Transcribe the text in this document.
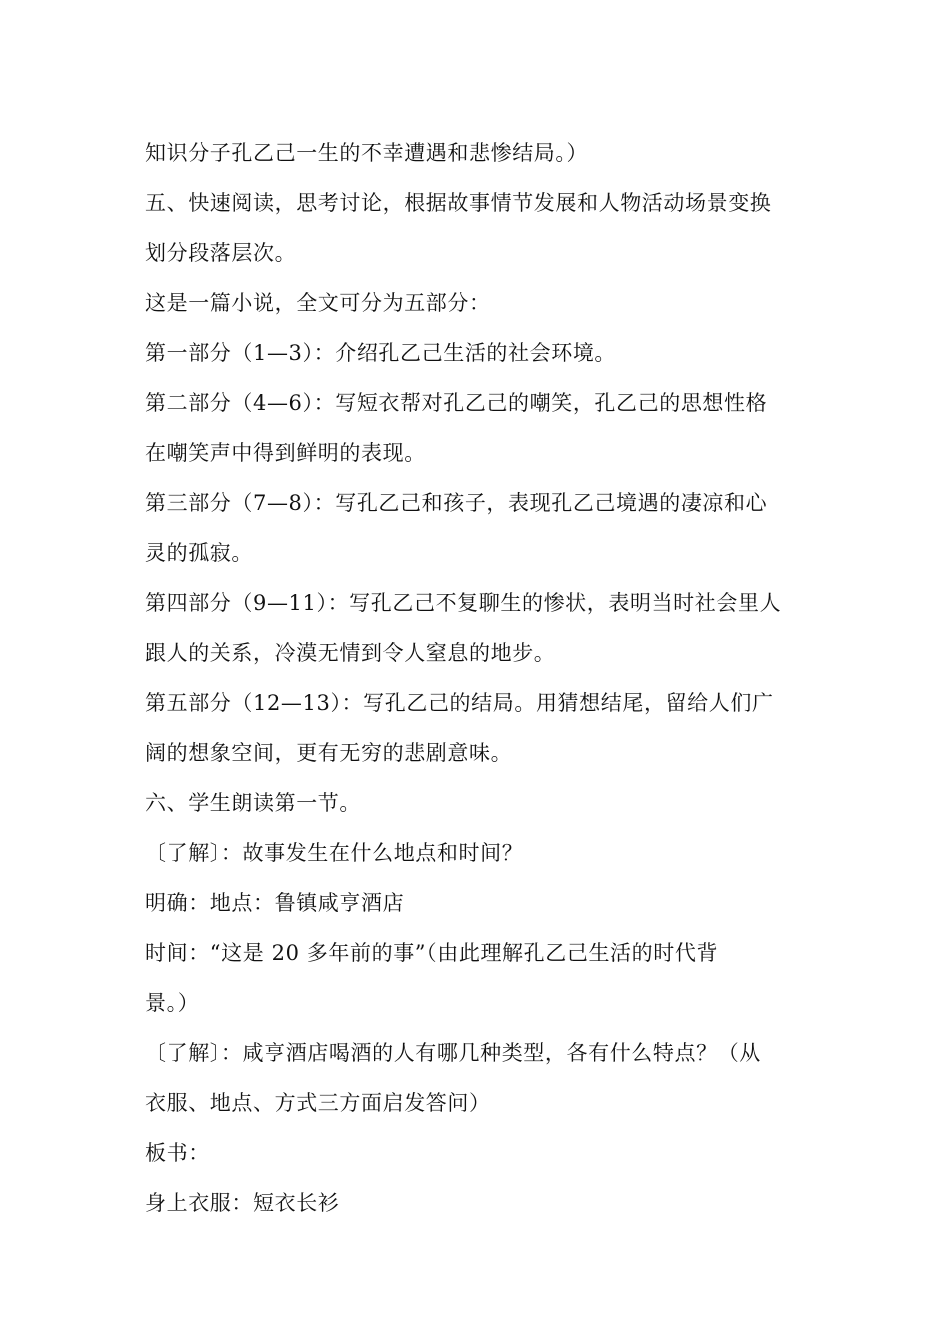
知识分子孔乙己一生的不幸遭遇和悲惨结局。）
五、快速阅读，思考讨论，根据故事情节发展和人物活动场景变换
划分段落层次。
这是一篇小说，全文可分为五部分：
第一部分（1—3）：介绍孔乙己生活的社会环境。
第二部分（4—6）：写短衣帮对孔乙己的嘲笑，孔乙己的思想性格
在嘲笑声中得到鲜明的表现。
第三部分（7—8）：写孔乙己和孩子，表现孔乙己境遇的凄凉和心
灵的孤寂。
第四部分（9—11）：写孔乙己不复聊生的惨状，表明当时社会里人
跟人的关系，冷漠无情到令人窒息的地步。
第五部分（12—13）：写孔乙己的结局。用猜想结尾，留给人们广
阔的想象空间，更有无穷的悲剧意味。
六、学生朗读第一节。
〔了解〕：故事发生在什么地点和时间？
明确：地点：鲁镇咸亨酒店
时间：“这是 20 多年前的事”（由此理解孔乙己生活的时代背
景。）
〔了解〕：咸亨酒店喝酒的人有哪几种类型，各有什么特点？（从
衣服、地点、方式三方面启发答问）
板书：
身上衣服：短衣长衫
